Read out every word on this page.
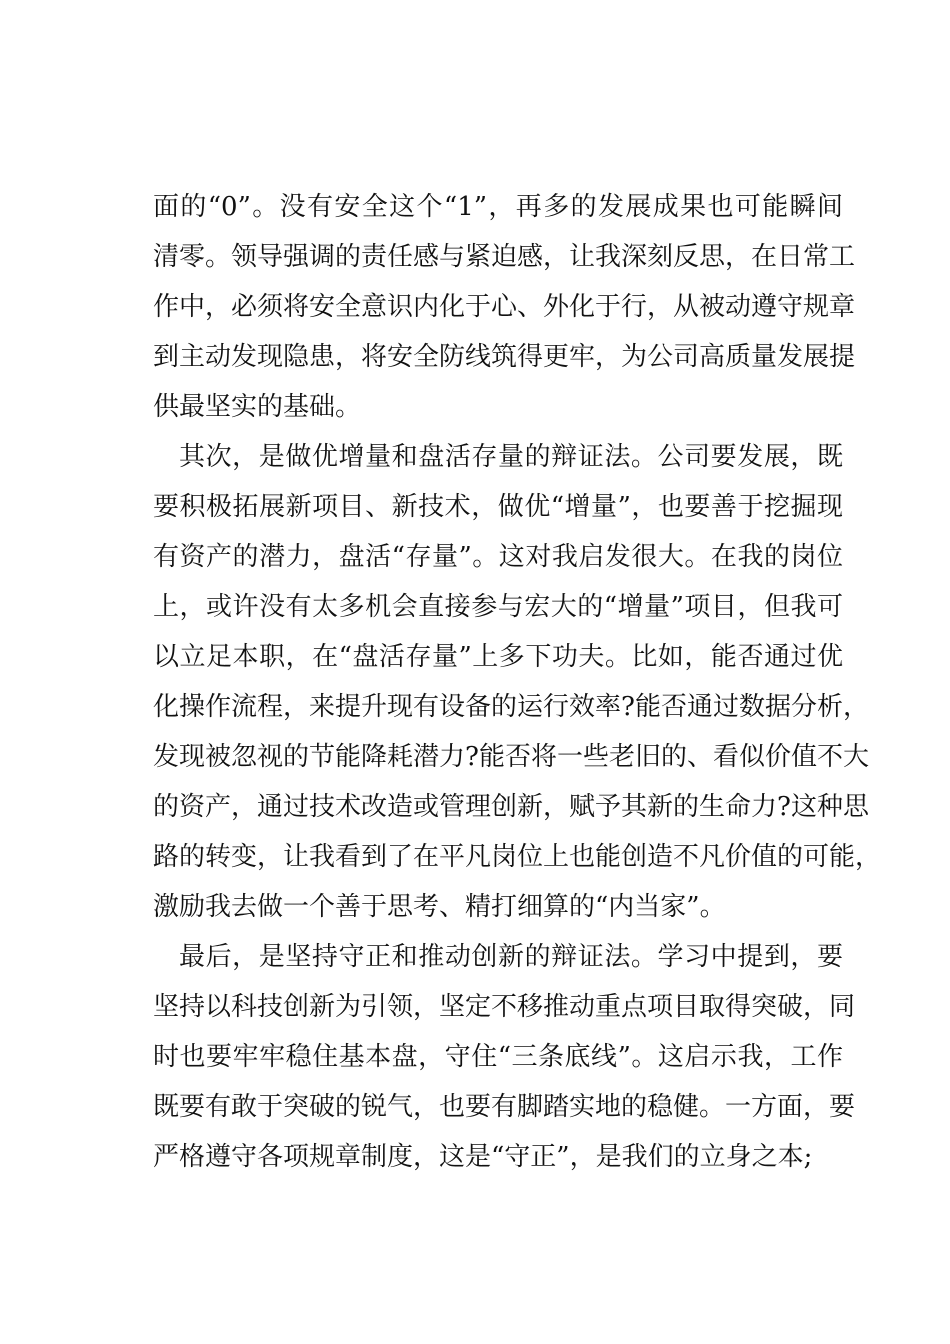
面的“0”。没有安全这个“1”，再多的发展成果也可能瞬间
清零。领导强调的责任感与紧迫感，让我深刻反思，在日常工
作中，必须将安全意识内化于心、外化于行，从被动遵守规章
到主动发现隐患，将安全防线筑得更牢，为公司高质量发展提
供最坚实的基础。
其次，是做优增量和盘活存量的辩证法。公司要发展，既
要积极拓展新项目、新技术，做优“增量”，也要善于挖掘现
有资产的潜力，盘活“存量”。这对我启发很大。在我的岗位
上，或许没有太多机会直接参与宏大的“增量”项目，但我可
以立足本职，在“盘活存量”上多下功夫。比如，能否通过优
化操作流程，来提升现有设备的运行效率?能否通过数据分析，
发现被忽视的节能降耗潜力?能否将一些老旧的、看似价值不大
的资产，通过技术改造或管理创新，赋予其新的生命力?这种思
路的转变，让我看到了在平凡岗位上也能创造不凡价值的可能，
激励我去做一个善于思考、精打细算的“内当家”。
最后，是坚持守正和推动创新的辩证法。学习中提到，要
坚持以科技创新为引领，坚定不移推动重点项目取得突破，同
时也要牢牢稳住基本盘，守住“三条底线”。这启示我，工作
既要有敢于突破的锐气，也要有脚踏实地的稳健。一方面，要
严格遵守各项规章制度，这是“守正”，是我们的立身之本;
